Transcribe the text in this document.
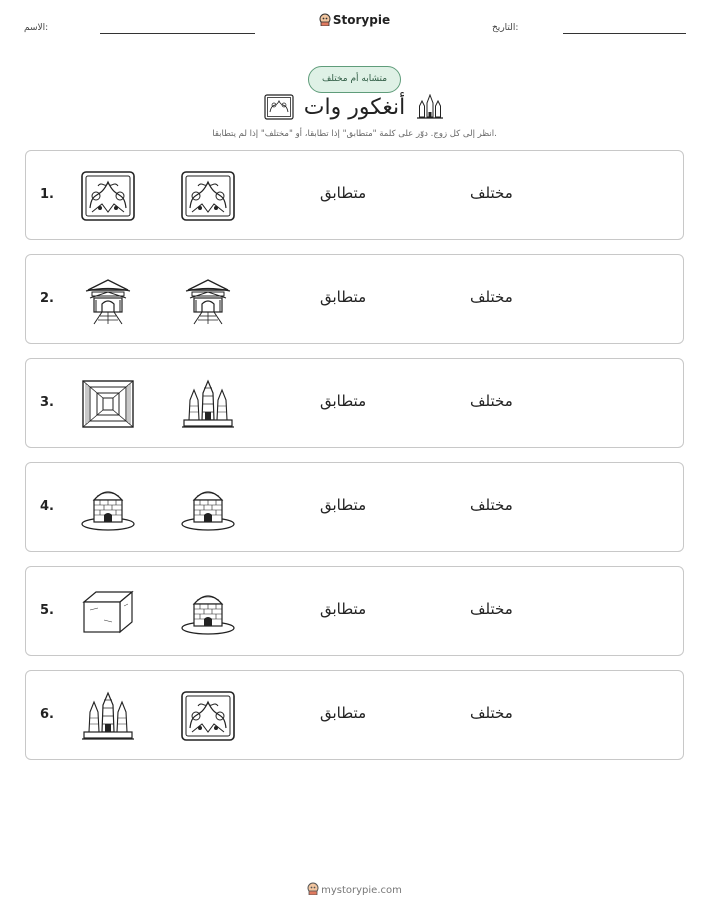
الاسم:
Storypie
التاريخ:
متشابه أم مختلف
أنغكور وات
انظر إلى كل زوج. دوّر على كلمة "متطابق" إذا تطابقا، أو "مختلف" إذا لم يتطابقا.
1.	متطابق	مختلف
2.	متطابق	مختلف
3.	متطابق	مختلف
4.	متطابق	مختلف
5.	متطابق	مختلف
6.	متطابق	مختلف
mystorypie.com
